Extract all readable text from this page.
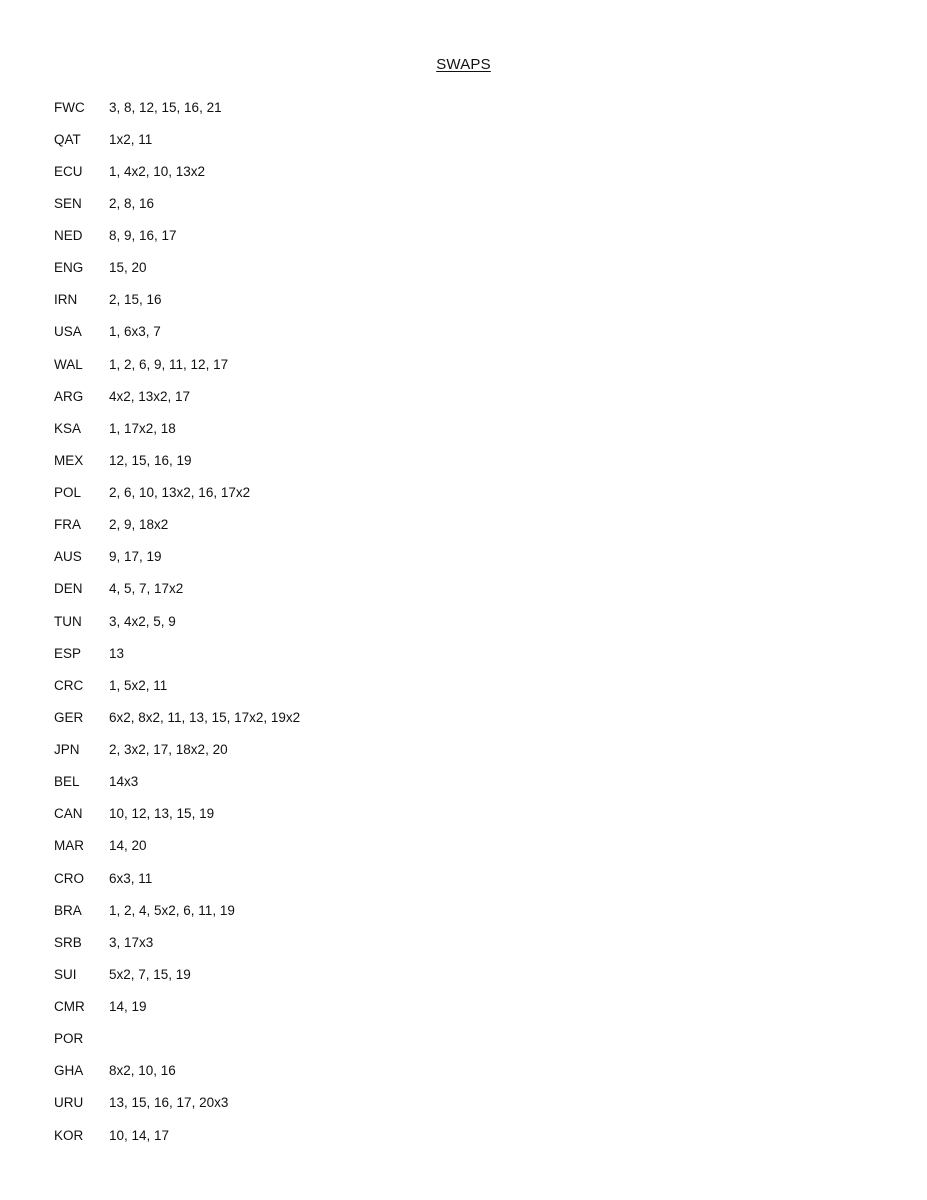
SWAPS
FWC	3, 8, 12, 15, 16, 21
QAT	1x2, 11
ECU	1, 4x2, 10, 13x2
SEN	2, 8, 16
NED	8, 9, 16, 17
ENG	15, 20
IRN	2, 15, 16
USA	1, 6x3, 7
WAL	1, 2, 6, 9, 11, 12, 17
ARG	4x2, 13x2, 17
KSA	1, 17x2, 18
MEX	12, 15, 16, 19
POL	2, 6, 10, 13x2, 16, 17x2
FRA	2, 9, 18x2
AUS	9, 17, 19
DEN	4, 5, 7, 17x2
TUN	3, 4x2, 5, 9
ESP	13
CRC	1, 5x2, 11
GER	6x2, 8x2, 11, 13, 15, 17x2, 19x2
JPN	2, 3x2, 17, 18x2, 20
BEL	14x3
CAN	10, 12, 13, 15, 19
MAR	14, 20
CRO	6x3, 11
BRA	1, 2, 4, 5x2, 6, 11, 19
SRB	3, 17x3
SUI	5x2, 7, 15, 19
CMR	14, 19
POR
GHA	8x2, 10, 16
URU	13, 15, 16, 17, 20x3
KOR	10, 14, 17
